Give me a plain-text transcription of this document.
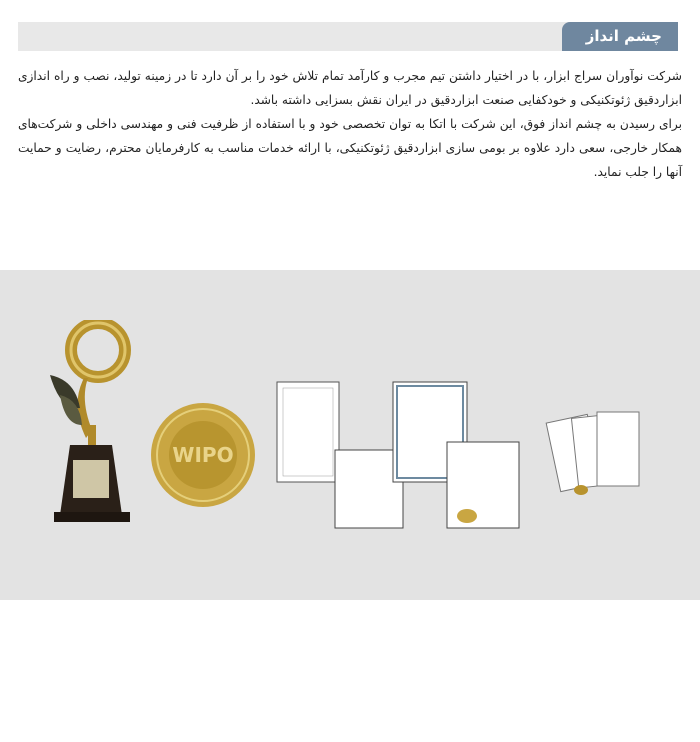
چشم انداز

شرکت نوآوران سراج ابزار، با در اختیار داشتن تیم مجرب و کارآمد تمام تلاش خود را بر آن دارد تا در زمینه تولید، نصب و راه اندازی ابزاردقیق ژئوتکنیکی و خودکفایی صنعت ابزاردقیق در ایران نقش بسزایی داشته باشد.

برای رسیدن به چشم انداز فوق، این شرکت با اتکا به توان تخصصی خود و با استفاده از ظرفیت فنی و مهندسی داخلی و شرکت‌های همکار خارجی، سعی دارد علاوه بر بومی سازی ابزاردقیق ژئوتکنیکی، با ارائه خدمات مناسب به کارفرمایان محترم، رضایت و حمایت آنها را جلب نماید.

WIPO
